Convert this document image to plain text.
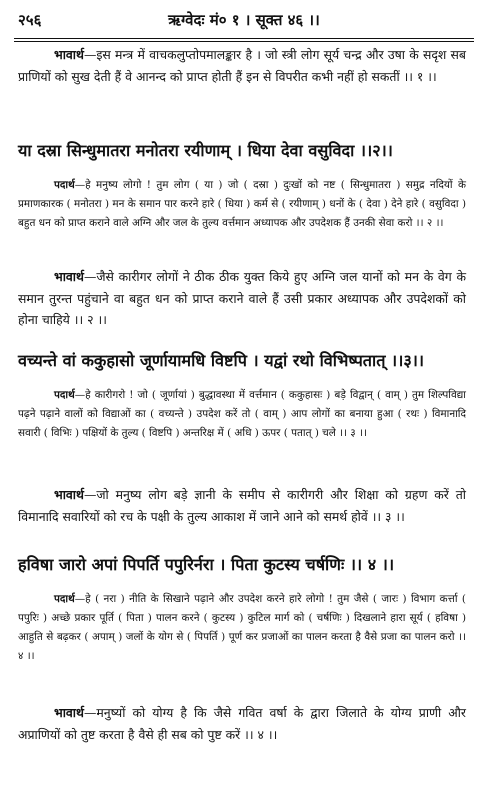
२५६	ऋग्वेदः मं० १ । सूक्त ४६ ।।

भावार्थ—इस मन्त्र में वाचकलुप्तोपमालङ्कार है । जो स्त्री लोग सूर्य चन्द्र और उषा के सदृश सब प्राणियों को सुख देती हैं वे आनन्द को प्राप्त होती हैं इन से विपरीत कभी नहीं हो सकतीं ।। १ ।।

या दस्रा सिन्धुमातरा मनोतरा रयीणाम् । धिया देवा वसुविदा ।।२।।

पदार्थ—हे मनुष्य लोगो ! तुम लोग ( या ) जो ( दस्रा ) दुःखों को नष्ट ( सिन्धुमातरा ) समुद्र नदियों के प्रमाणकारक ( मनोतरा ) मन के समान पार करने हारे ( धिया ) कर्म से ( रयीणाम् ) धनों के ( देवा ) देने हारे ( वसुविदा ) बहुत धन को प्राप्त कराने वाले अग्नि और जल के तुल्य वर्त्तमान अध्यापक और उपदेशक हैं उनकी सेवा करो ।। २ ।।

भावार्थ—जैसे कारीगर लोगों ने ठीक ठीक युक्त किये हुए अग्नि जल यानों को मन के वेग के समान तुरन्त पहुंचाने वा बहुत धन को प्राप्त कराने वाले हैं उसी प्रकार अध्यापक और उपदेशकों को होना चाहिये ।। २ ।।

वच्यन्ते वां ककुहासो जूर्णायामधि विष्टपि । यद्वां रथो विभिष्पतात् ।।३।।

पदार्थ—हे कारीगरो ! जो ( जूर्णायां ) बुद्धावस्था में वर्त्तमान ( ककुहासः ) बड़े विद्वान् ( वाम् ) तुम शिल्पविद्या पढ़ने पढ़ाने वालों को विद्याओं का ( वच्यन्ते ) उपदेश करें तो ( वाम् ) आप लोगों का बनाया हुआ ( रथः ) विमानादि सवारी ( विभिः ) पक्षियों के तुल्य ( विष्टपि ) अन्तरिक्ष में ( अधि ) ऊपर ( पतात् ) चले ।। ३ ।।

भावार्थ—जो मनुष्य लोग बड़े ज्ञानी के समीप से कारीगरी और शिक्षा को ग्रहण करें तो विमानादि सवारियों को रच के पक्षी के तुल्य आकाश में जाने आने को समर्थ होवें ।। ३ ।।

हविषा जारो अपां पिपर्ति पपुरिर्नरा । पिता कुटस्य चर्षणिः ।। ४ ।।

पदार्थ—हे ( नरा ) नीति के सिखाने पढ़ाने और उपदेश करने हारे लोगो ! तुम जैसे ( जारः ) विभाग कर्त्ता ( पपुरिः ) अच्छे प्रकार पूर्ति ( पिता ) पालन करने ( कुटस्य ) कुटिल मार्ग को ( चर्षणिः ) दिखलाने हारा सूर्य ( हविषा ) आहुति से बढ़कर ( अपाम् ) जलों के योग से ( पिपर्ति ) पूर्ण कर प्रजाओं का पालन करता है वैसे प्रजा का पालन करो ।। ४ ।।

भावार्थ—मनुष्यों को योग्य है कि जैसे गवित वर्षा के द्वारा जिलाते के योग्य प्राणी और अप्राणियों को तुष्ट करता है वैसे ही सब को पुष्ट करें ।। ४ ।।
